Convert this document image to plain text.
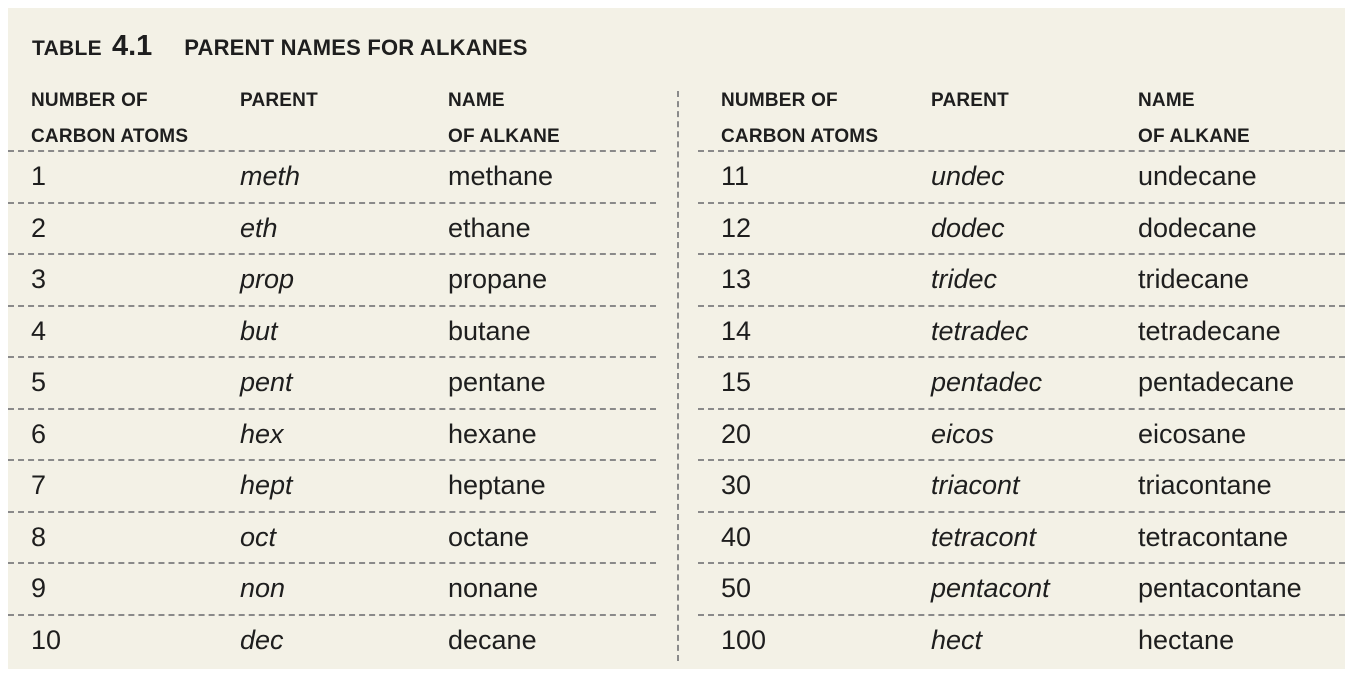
TABLE 4.1 PARENT NAMES FOR ALKANES
NUMBER OF
CARBON ATOMS
PARENT	NAME
OF ALKANE
1	meth	methane
2	eth	ethane
3	prop	propane
4	but	butane
5	pent	pentane
6	hex	hexane
7	hept	heptane
8	oct	octane
9	non	nonane
10	dec	decane
NUMBER OF
CARBON ATOMS
PARENT	NAME
OF ALKANE
11	undec	undecane
12	dodec	dodecane
13	tridec	tridecane
14	tetradec	tetradecane
15	pentadec	pentadecane
20	eicos	eicosane
30	triacont	triacontane
40	tetracont	tetracontane
50	pentacont	pentacontane
100	hect	hectane
